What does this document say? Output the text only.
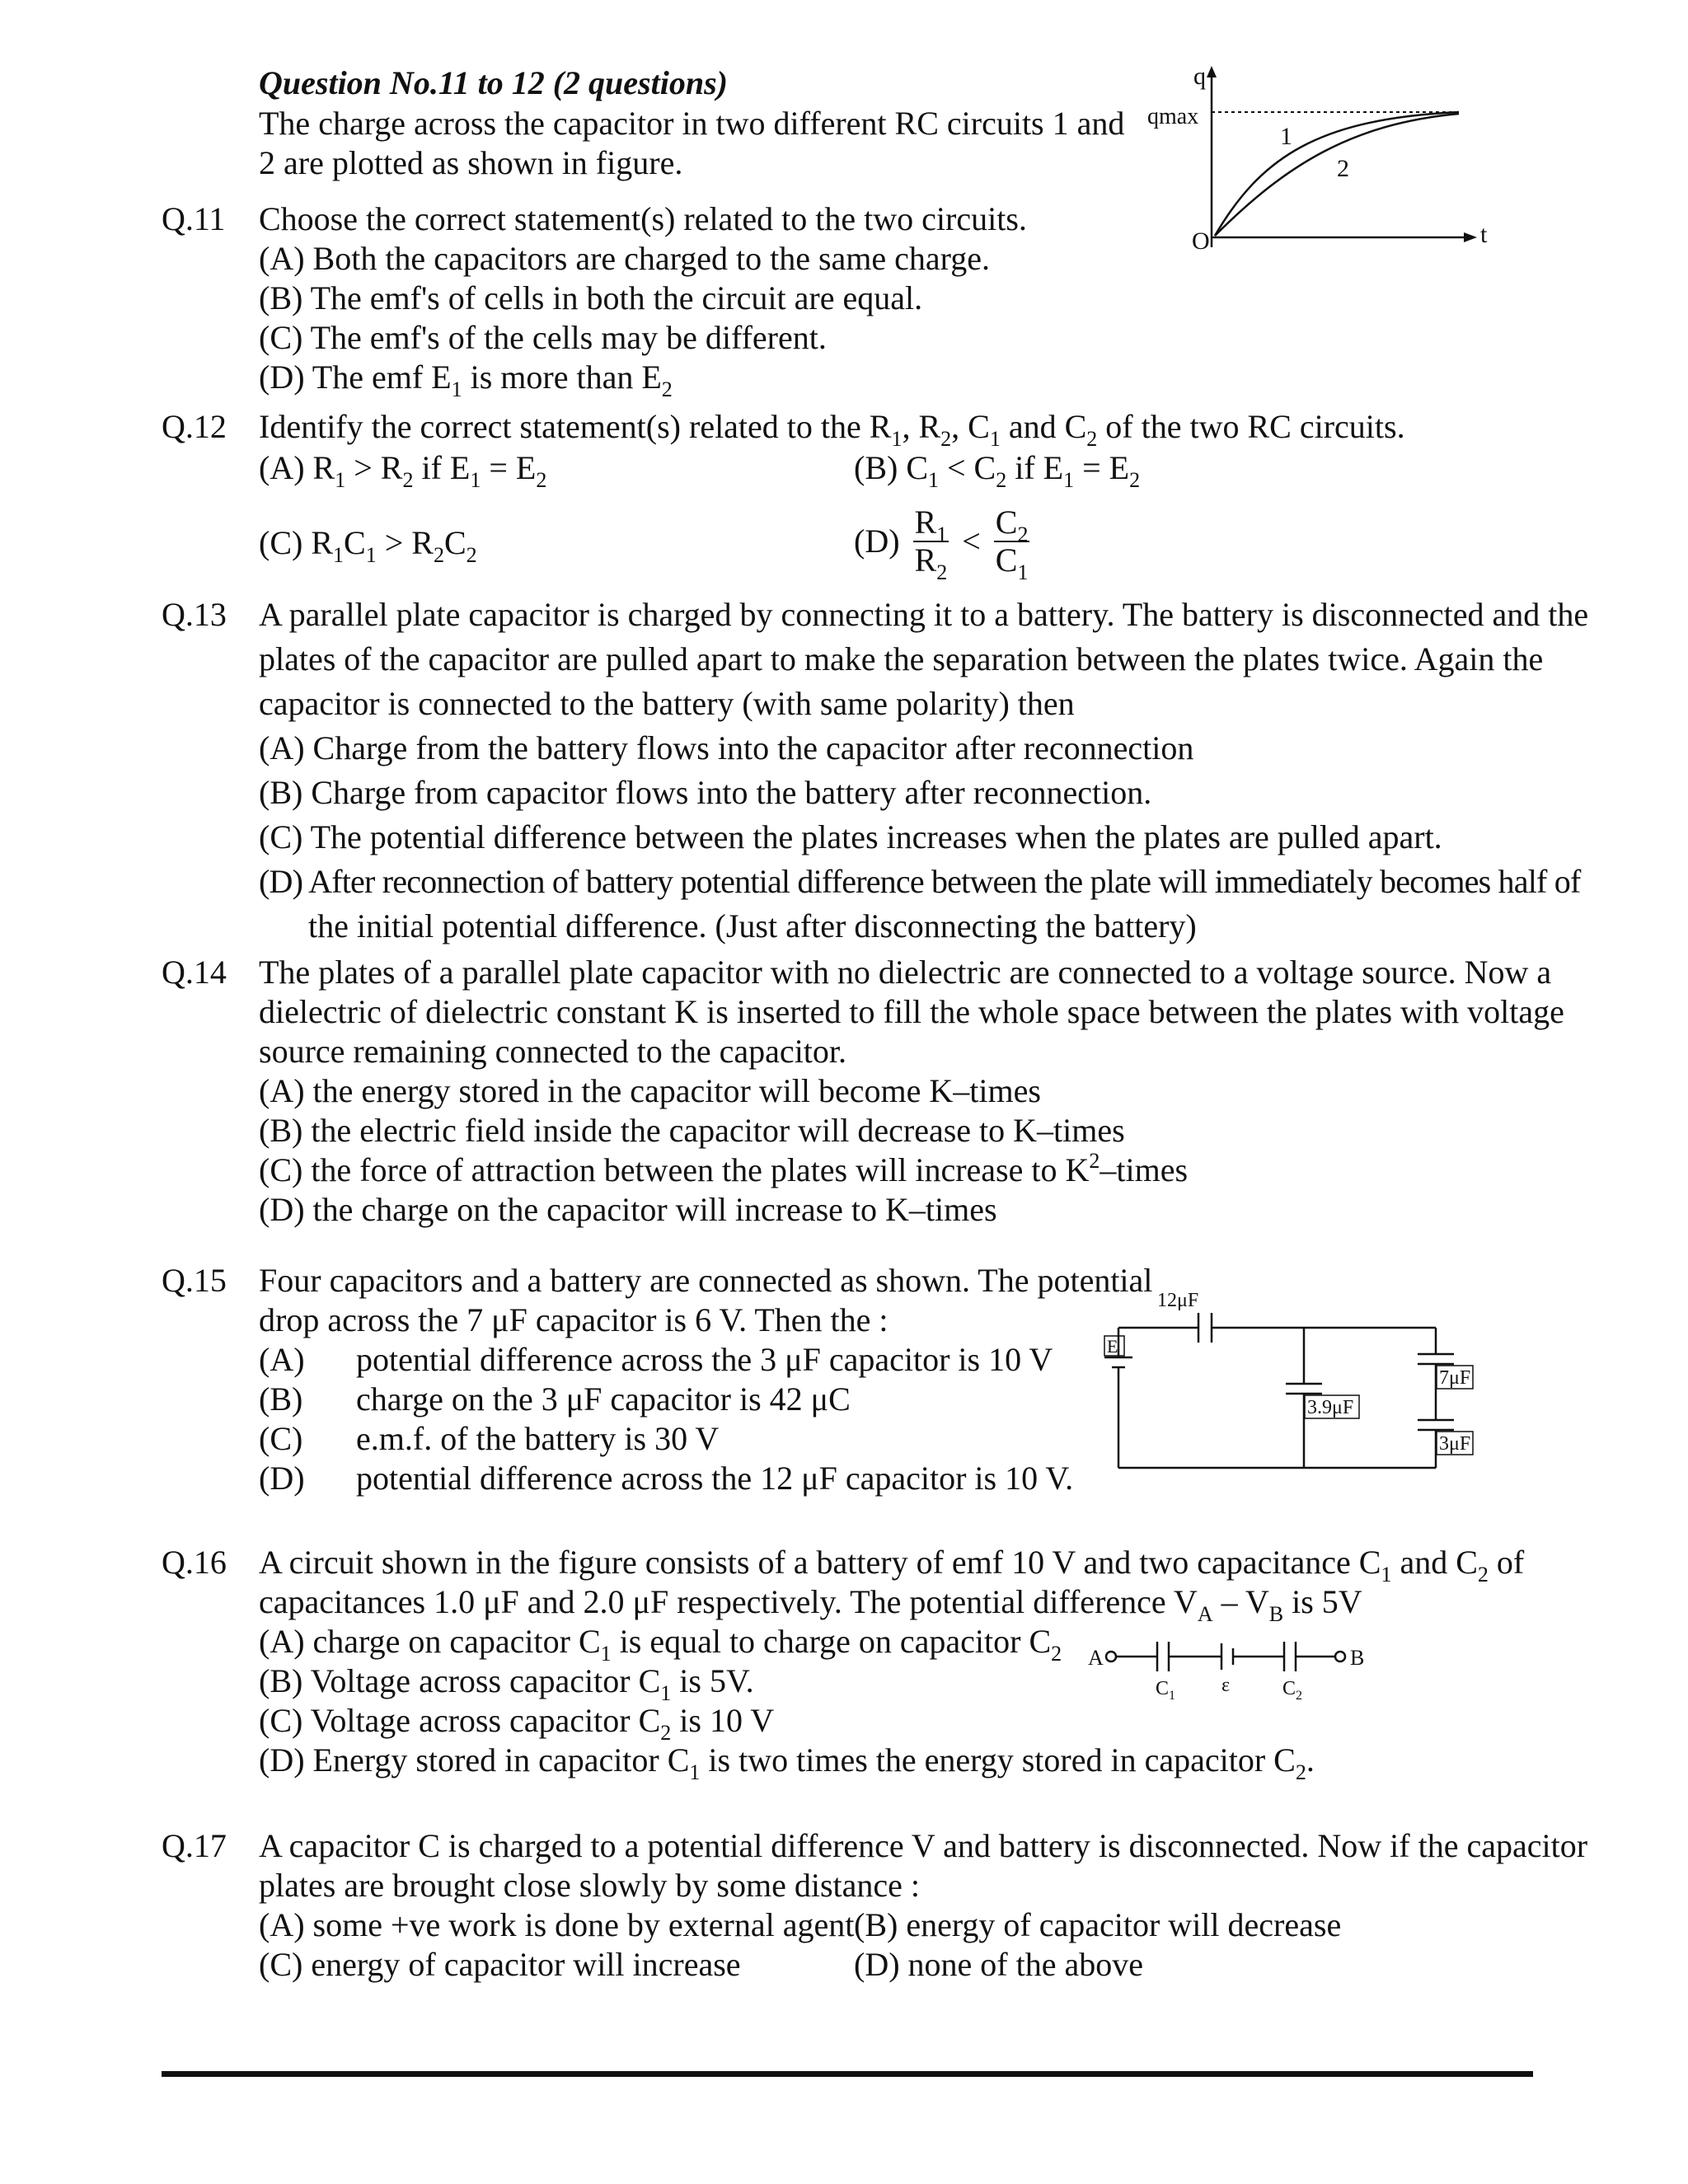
Question No.11 to 12 (2 questions)
The charge across the capacitor in two different RC circuits 1 and
2 are plotted as shown in figure.
q
qmax
O	t
1
2
Q.11 Choose the correct statement(s) related to the two circuits.
(A) Both the capacitors are charged to the same charge.
(B) The emf's of cells in both the circuit are equal.
(C) The emf's of the cells may be different.
(D) The emf $E_1$ is more than $E_2$
Q.12 Identify the correct statement(s) related to the $R_1$, $R_2$, $C_1$ and $C_2$ of the two RC circuits.
(A) $R_1 > R_2$ if $E_1 = E_2$	(B) $C_1 < C_2$ if $E_1 = E_2$
(C) $R_1C_1 > R_2C_2$	$(D) \frac{R_1}{R_2} < \frac{C_2}{C_1}$
Q.13 A parallel plate capacitor is charged by connecting it to a battery. The battery is disconnected and the
plates of the capacitor are pulled apart to make the separation between the plates twice. Again the
capacitor is connected to the battery (with same polarity) then
(A) Charge from the battery flows into the capacitor after reconnection
(B) Charge from capacitor flows into the battery after reconnection.
(C) The potential difference between the plates increases when the plates are pulled apart.
(D) After reconnection of battery potential difference between the plate will immediately becomes half of
the initial potential difference. (Just after disconnecting the battery)
Q.14 The plates of a parallel plate capacitor with no dielectric are connected to a voltage source. Now a
dielectric of dielectric constant K is inserted to fill the whole space between the plates with voltage
source remaining connected to the capacitor.
(A) the energy stored in the capacitor will become K–times
(B) the electric field inside the capacitor will decrease to K–times
(C) the force of attraction between the plates will increase to $K^2$–times
(D) the charge on the capacitor will increase to K–times
Q.15 Four capacitors and a battery are connected as shown. The potential
drop across the 7 μF capacitor is 6 V. Then the :
(A) potential difference across the 3 μF capacitor is 10 V
(B) charge on the 3 μF capacitor is 42 μC
(C) e.m.f. of the battery is 30 V
(D) potential difference across the 12 μF capacitor is 10 V.
12μF
E
3.9μF
7μF
3μF
Q.16 A circuit shown in the figure consists of a battery of emf 10 V and two capacitance $C_1$ and $C_2$ of
capacitances 1.0 μF and 2.0 μF respectively. The potential difference $V_A - V_B$ is 5V
(A) charge on capacitor $C_1$ is equal to charge on capacitor $C_2$
(B) Voltage across capacitor $C_1$ is 5V.
(C) Voltage across capacitor $C_2$ is 10 V
(D) Energy stored in capacitor $C_1$ is two times the energy stored in capacitor $C_2$.
A	B
$C_1$ ε	$C_2$
Q.17 A capacitor C is charged to a potential difference V and battery is disconnected. Now if the capacitor
plates are brought close slowly by some distance :
(A) some +ve work is done by external agent (B) energy of capacitor will decrease
(C) energy of capacitor will increase	(D) none of the above
